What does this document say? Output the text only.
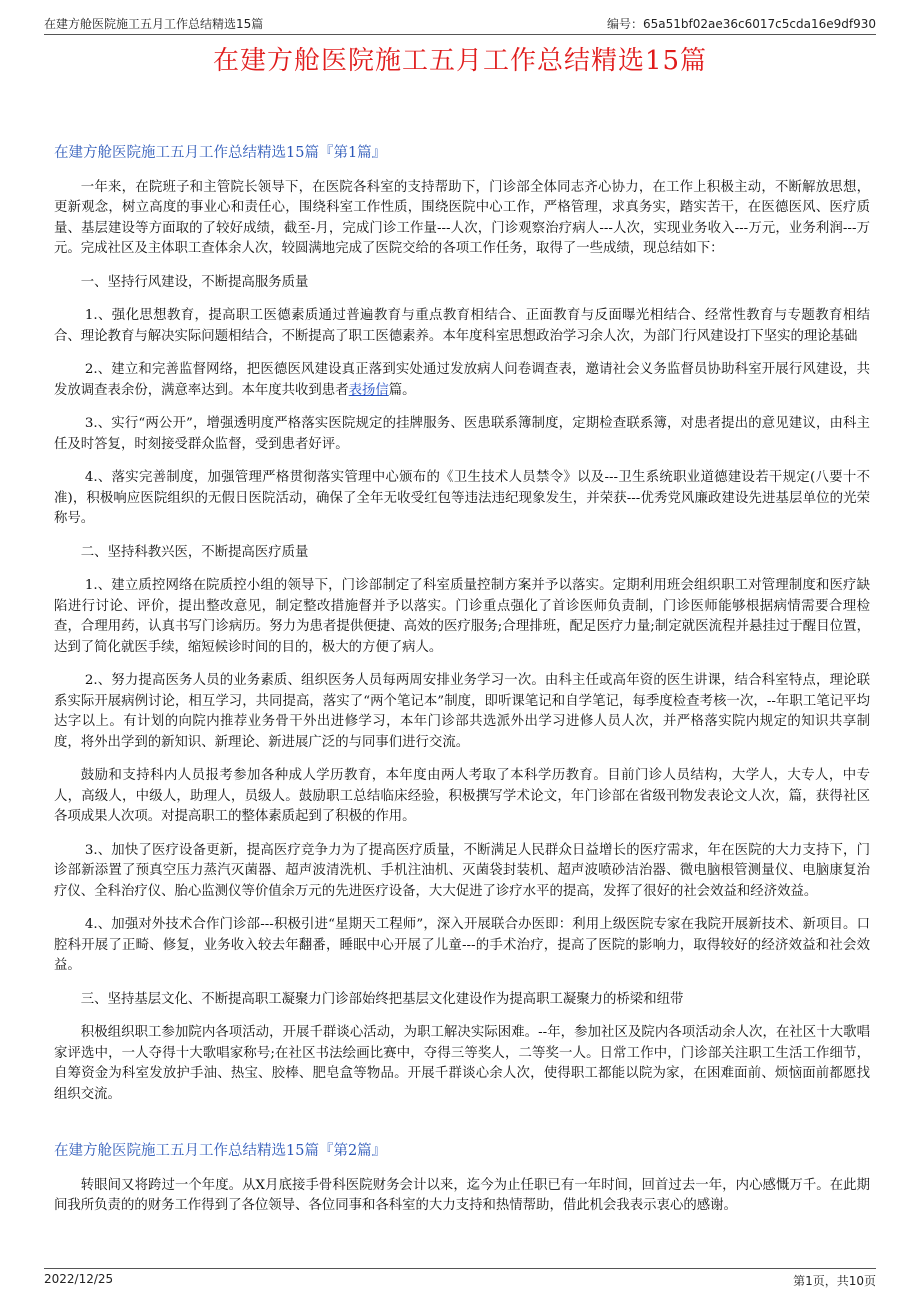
在建方舱医院施工五月工作总结精选15篇	编号：65a51bf02ae36c6017c5cda16e9df930
在建方舱医院施工五月工作总结精选15篇
在建方舱医院施工五月工作总结精选15篇『第1篇』

一年来，在院班子和主管院长领导下，在医院各科室的支持帮助下，门诊部全体同志齐心协力，在工作上积极主动，不断解放思想，更新观念，树立高度的事业心和责任心，围绕科室工作性质，围绕医院中心工作，严格管理，求真务实，踏实苦干，在医德医风、医疗质量、基层建设等方面取的了较好成绩，截至-月，完成门诊工作量---人次，门诊观察治疗病人---人次，实现业务收入---万元，业务利润---万元。完成社区及主体职工查体余人次，较圆满地完成了医院交给的各项工作任务，取得了一些成绩，现总结如下：

一、坚持行风建设，不断提高服务质量

1.、强化思想教育，提高职工医德素质通过普遍教育与重点教育相结合、正面教育与反面曝光相结合、经常性教育与专题教育相结合、理论教育与解决实际问题相结合，不断提高了职工医德素养。本年度科室思想政治学习余人次，为部门行风建设打下坚实的理论基础

2.、建立和完善监督网络，把医德医风建设真正落到实处通过发放病人问卷调查表，邀请社会义务监督员协助科室开展行风建设，共发放调查表余份，满意率达到。本年度共收到患者表扬信篇。

3.、实行“两公开”，增强透明度严格落实医院规定的挂牌服务、医患联系簿制度，定期检查联系簿，对患者提出的意见建议，由科主任及时答复，时刻接受群众监督，受到患者好评。

4.、落实完善制度，加强管理严格贯彻落实管理中心颁布的《卫生技术人员禁令》以及---卫生系统职业道德建设若干规定(八要十不准)，积极响应医院组织的无假日医院活动，确保了全年无收受红包等违法违纪现象发生，并荣获---优秀党风廉政建设先进基层单位的光荣称号。

二、坚持科教兴医，不断提高医疗质量

1.、建立质控网络在院质控小组的领导下，门诊部制定了科室质量控制方案并予以落实。定期利用班会组织职工对管理制度和医疗缺陷进行讨论、评价，提出整改意见，制定整改措施督并予以落实。门诊重点强化了首诊医师负责制，门诊医师能够根据病情需要合理检查，合理用药，认真书写门诊病历。努力为患者提供便捷、高效的医疗服务;合理排班，配足医疗力量;制定就医流程并悬挂过于醒目位置，达到了简化就医手续，缩短候诊时间的目的，极大的方便了病人。

2.、努力提高医务人员的业务素质、组织医务人员每两周安排业务学习一次。由科主任或高年资的医生讲课，结合科室特点，理论联系实际开展病例讨论，相互学习，共同提高，落实了“两个笔记本”制度，即听课笔记和自学笔记，每季度检查考核一次，--年职工笔记平均达字以上。有计划的向院内推荐业务骨干外出进修学习，本年门诊部共选派外出学习进修人员人次，并严格落实院内规定的知识共享制度，将外出学到的新知识、新理论、新进展广泛的与同事们进行交流。

鼓励和支持科内人员报考参加各种成人学历教育，本年度由两人考取了本科学历教育。目前门诊人员结构，大学人，大专人，中专人，高级人，中级人，助理人，员级人。鼓励职工总结临床经验，积极撰写学术论文，年门诊部在省级刊物发表论文人次，篇，获得社区各项成果人次项。对提高职工的整体素质起到了积极的作用。

3.、加快了医疗设备更新，提高医疗竞争力为了提高医疗质量，不断满足人民群众日益增长的医疗需求，年在医院的大力支持下，门诊部新添置了预真空压力蒸汽灭菌器、超声波清洗机、手机注油机、灭菌袋封装机、超声波喷砂洁治器、微电脑根管测量仪、电脑康复治疗仪、全科治疗仪、胎心监测仪等价值余万元的先进医疗设备，大大促进了诊疗水平的提高，发挥了很好的社会效益和经济效益。

4.、加强对外技术合作门诊部---积极引进“星期天工程师”，深入开展联合办医即：利用上级医院专家在我院开展新技术、新项目。口腔科开展了正畸、修复，业务收入较去年翻番，睡眠中心开展了儿童---的手术治疗，提高了医院的影响力，取得较好的经济效益和社会效益。

三、坚持基层文化、不断提高职工凝聚力门诊部始终把基层文化建设作为提高职工凝聚力的桥梁和纽带

积极组织职工参加院内各项活动，开展千群谈心活动，为职工解决实际困难。--年，参加社区及院内各项活动余人次，在社区十大歌唱家评选中，一人夺得十大歌唱家称号;在社区书法绘画比赛中，夺得三等奖人，二等奖一人。日常工作中，门诊部关注职工生活工作细节，自筹资金为科室发放护手油、热宝、胶棒、肥皂盒等物品。开展千群谈心余人次，使得职工都能以院为家，在困难面前、烦恼面前都愿找组织交流。

在建方舱医院施工五月工作总结精选15篇『第2篇』

转眼间又将跨过一个年度。从X月底接手骨科医院财务会计以来，迄今为止任职已有一年时间，回首过去一年，内心感慨万千。在此期间我所负责的的财务工作得到了各位领导、各位同事和各科室的大力支持和热情帮助，借此机会我表示衷心的感谢。

2022/12/25	第1页，共10页
